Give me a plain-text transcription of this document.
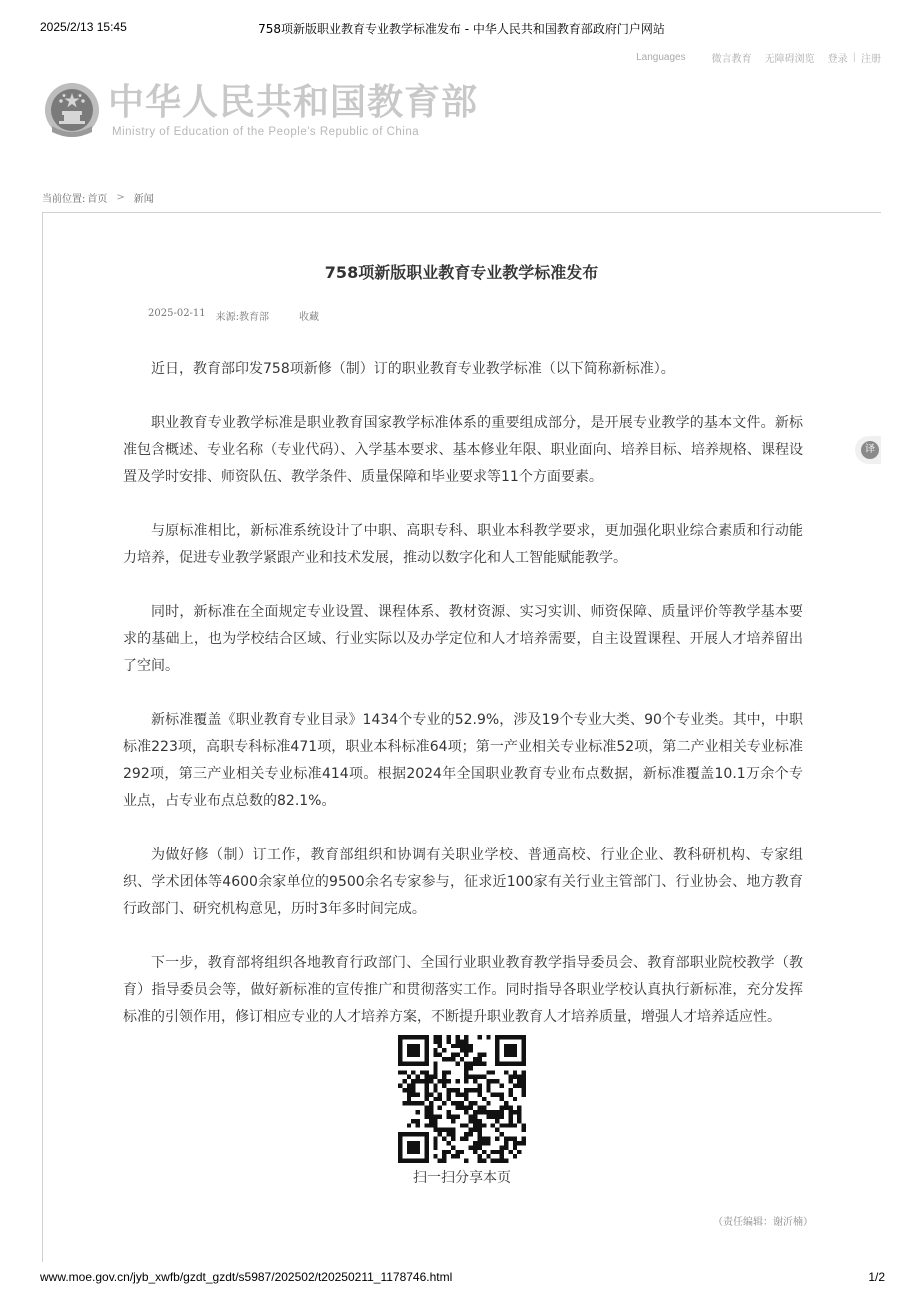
2025/2/13 15:45	758项新版职业教育专业教学标准发布 - 中华人民共和国教育部政府门户网站
Languages	微言教育 无障碍浏览 登录 | 注册
中华人民共和国教育部
Ministry of Education of the People's Republic of China
当前位置: 首页 > 新闻
758项新版职业教育专业教学标准发布
2025-02-11 来源:教育部	收藏

近日，教育部印发758项新修（制）订的职业教育专业教学标准（以下简称新标准）。

职业教育专业教学标准是职业教育国家教学标准体系的重要组成部分，是开展专业教学的基本文件。新标准包含概述、专业名称（专业代码）、入学基本要求、基本修业年限、职业面向、培养目标、培养规格、课程设置及学时安排、师资队伍、教学条件、质量保障和毕业要求等11个方面要素。

与原标准相比，新标准系统设计了中职、高职专科、职业本科教学要求，更加强化职业综合素质和行动能力培养，促进专业教学紧跟产业和技术发展，推动以数字化和人工智能赋能教学。

同时，新标准在全面规定专业设置、课程体系、教材资源、实习实训、师资保障、质量评价等教学基本要求的基础上，也为学校结合区域、行业实际以及办学定位和人才培养需要，自主设置课程、开展人才培养留出了空间。

新标准覆盖《职业教育专业目录》1434个专业的52.9%，涉及19个专业大类、90个专业类。其中，中职标准223项，高职专科标准471项，职业本科标准64项；第一产业相关专业标准52项，第二产业相关专业标准292项，第三产业相关专业标准414项。根据2024年全国职业教育专业布点数据，新标准覆盖10.1万余个专业点，占专业布点总数的82.1%。

为做好修（制）订工作，教育部组织和协调有关职业学校、普通高校、行业企业、教科研机构、专家组织、学术团体等4600余家单位的9500余名专家参与，征求近100家有关行业主管部门、行业协会、地方教育行政部门、研究机构意见，历时3年多时间完成。

下一步，教育部将组织各地教育行政部门、全国行业职业教育教学指导委员会、教育部职业院校教学（教育）指导委员会等，做好新标准的宣传推广和贯彻落实工作。同时指导各职业学校认真执行新标准，充分发挥标准的引领作用，修订相应专业的人才培养方案，不断提升职业教育人才培养质量，增强人才培养适应性。

译
扫一扫分享本页
（责任编辑：谢沂楠）
www.moe.gov.cn/jyb_xwfb/gzdt_gzdt/s5987/202502/t20250211_1178746.html	1/2
